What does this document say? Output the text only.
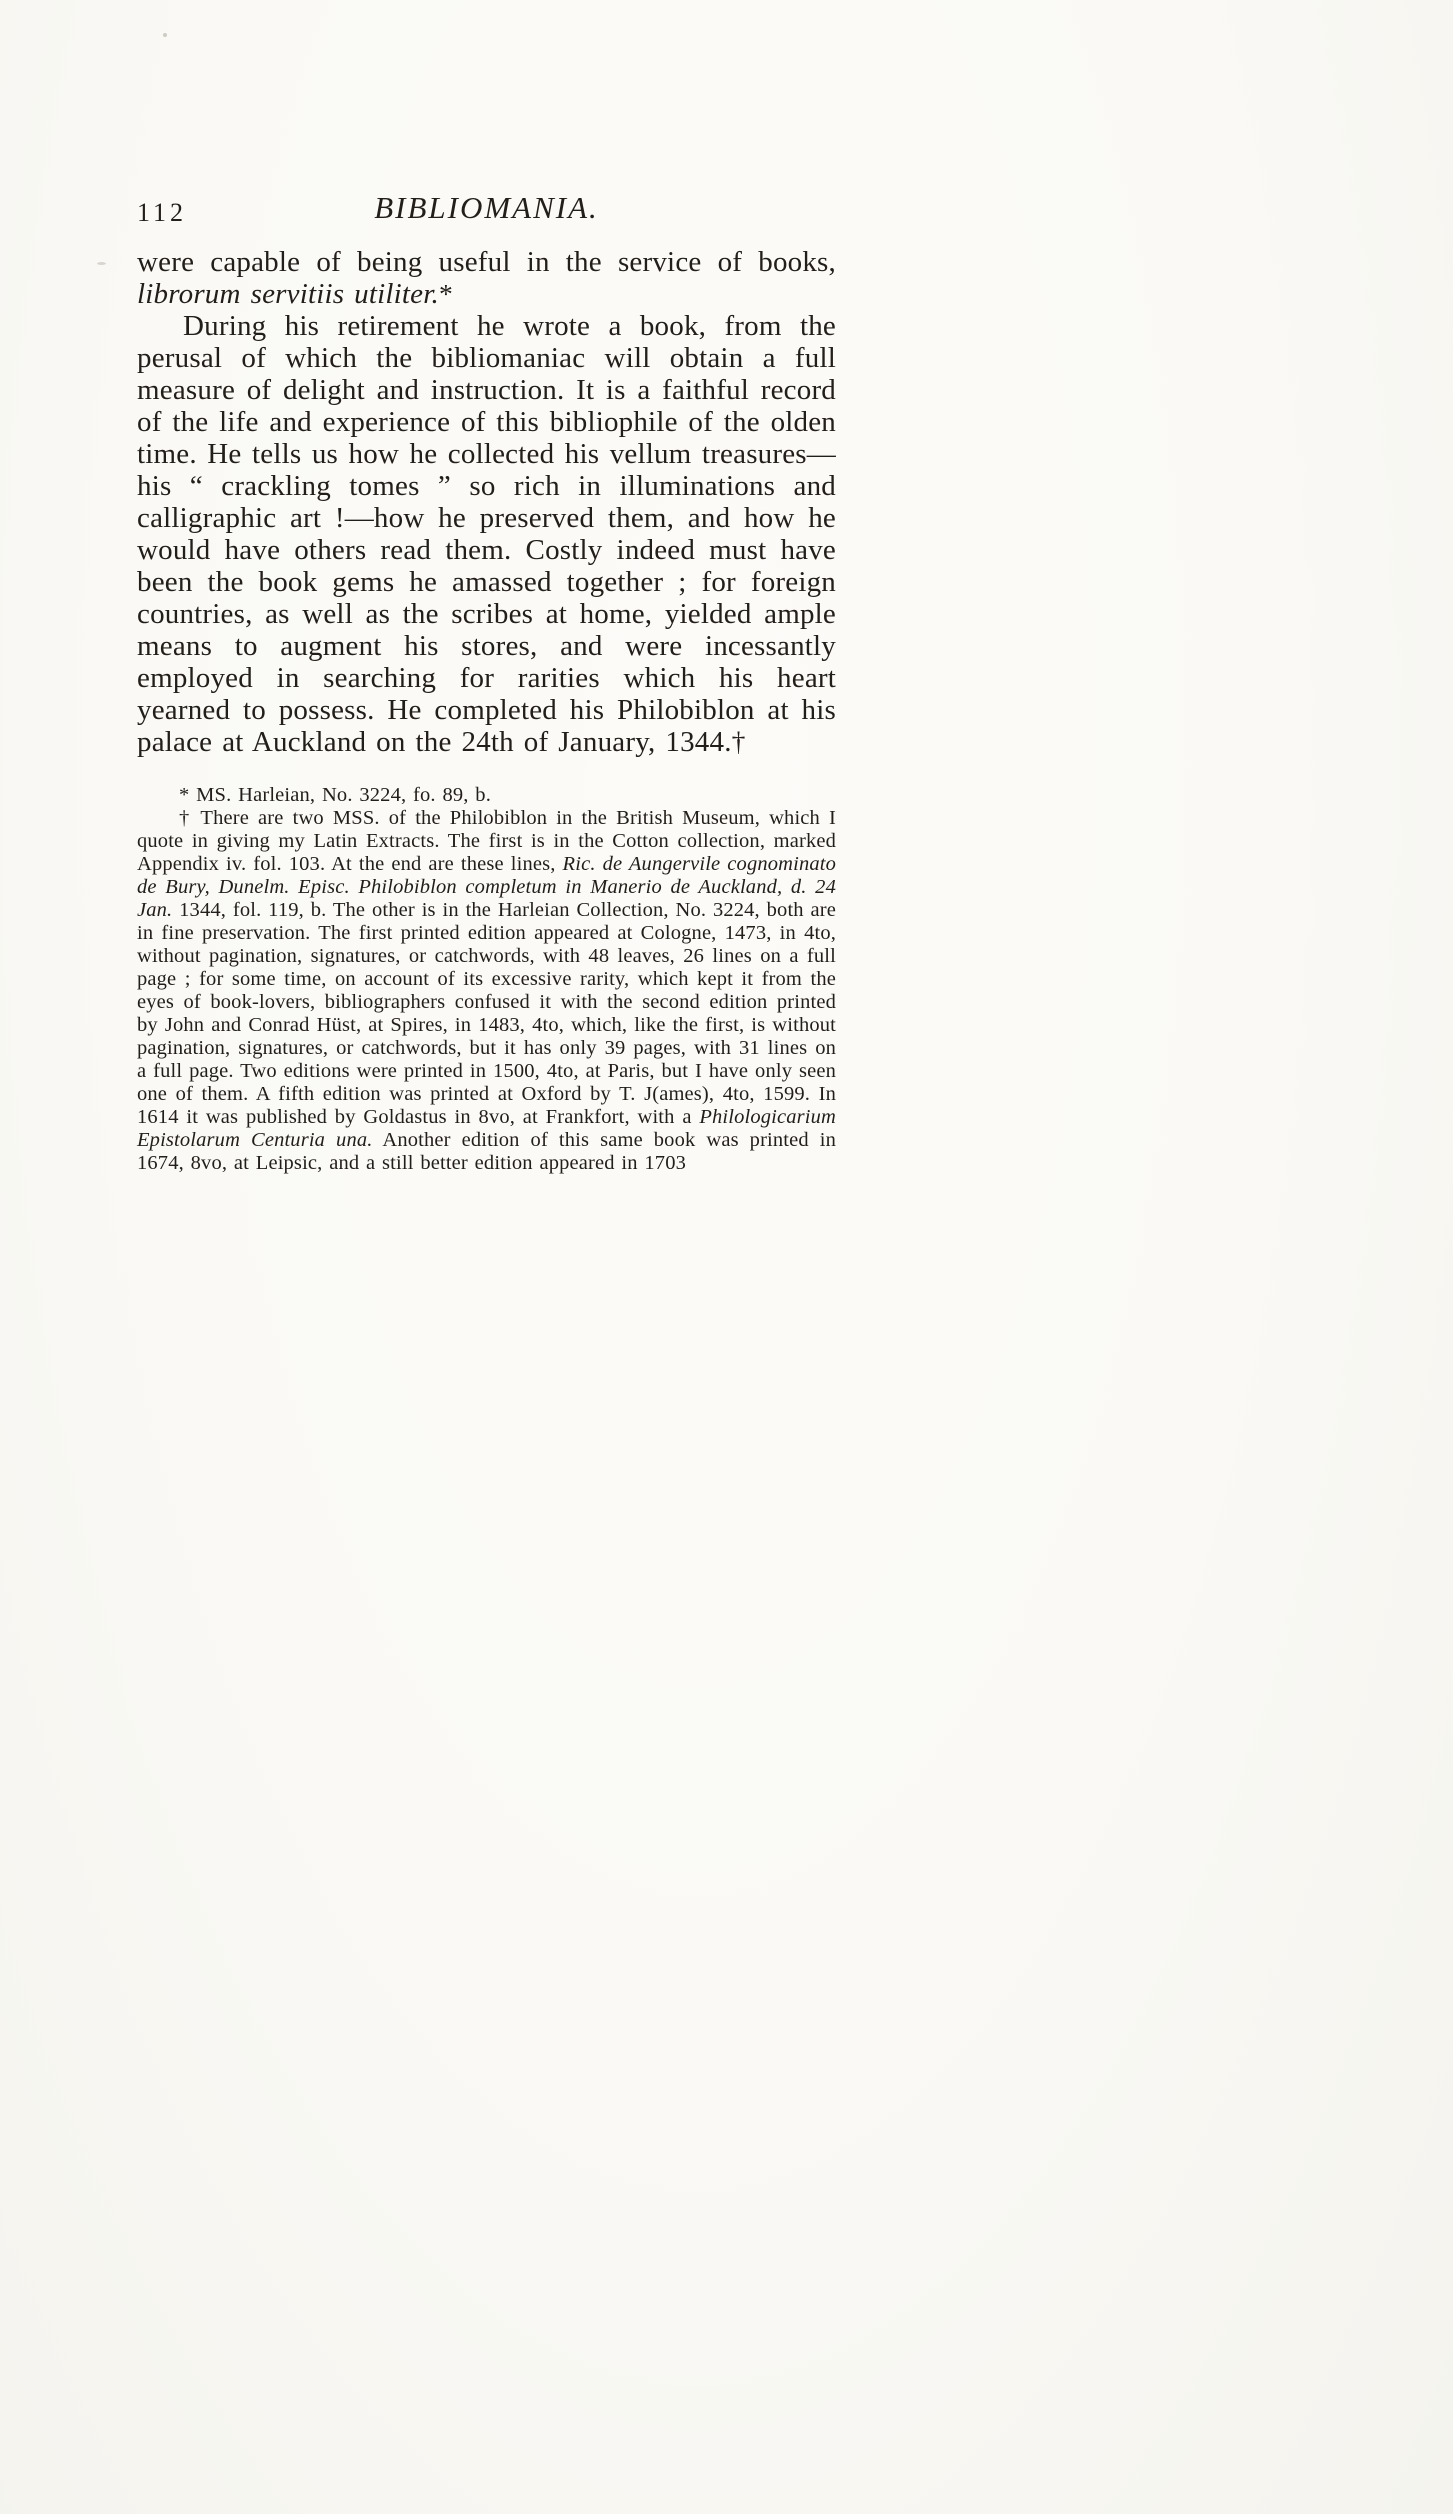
112	BIBLIOMANIA.

were capable of being useful in the service of books, librorum servitiis utiliter.*

During his retirement he wrote a book, from the perusal of which the bibliomaniac will obtain a full measure of delight and instruction. It is a faithful record of the life and experience of this bibliophile of the olden time. He tells us how he collected his vellum treasures—his “ crackling tomes ” so rich in illuminations and calligraphic art !—how he preserved them, and how he would have others read them. Costly indeed must have been the book gems he amassed together ; for foreign countries, as well as the scribes at home, yielded ample means to augment his stores, and were incessantly employed in searching for rarities which his heart yearned to possess. He completed his Philobiblon at his palace at Auckland on the 24th of January, 1344.†

* MS. Harleian, No. 3224, fo. 89, b.

† There are two MSS. of the Philobiblon in the British Museum, which I quote in giving my Latin Extracts. The first is in the Cotton collection, marked Appendix iv. fol. 103. At the end are these lines, Ric. de Aungervile cognominato de Bury, Dunelm. Episc. Philobiblon completum in Manerio de Auckland, d. 24 Jan. 1344, fol. 119, b. The other is in the Harleian Collection, No. 3224, both are in fine preservation. The first printed edition appeared at Cologne, 1473, in 4to, without pagination, signatures, or catchwords, with 48 leaves, 26 lines on a full page ; for some time, on account of its excessive rarity, which kept it from the eyes of book-lovers, bibliographers confused it with the second edition printed by John and Conrad Hüst, at Spires, in 1483, 4to, which, like the first, is without pagination, signatures, or catchwords, but it has only 39 pages, with 31 lines on a full page. Two editions were printed in 1500, 4to, at Paris, but I have only seen one of them. A fifth edition was printed at Oxford by T. J(ames), 4to, 1599. In 1614 it was published by Goldastus in 8vo, at Frankfort, with a Philologicarium Epistolarum Centuria una. Another edition of this same book was printed in 1674, 8vo, at Leipsic, and a still better edition appeared in 1703
